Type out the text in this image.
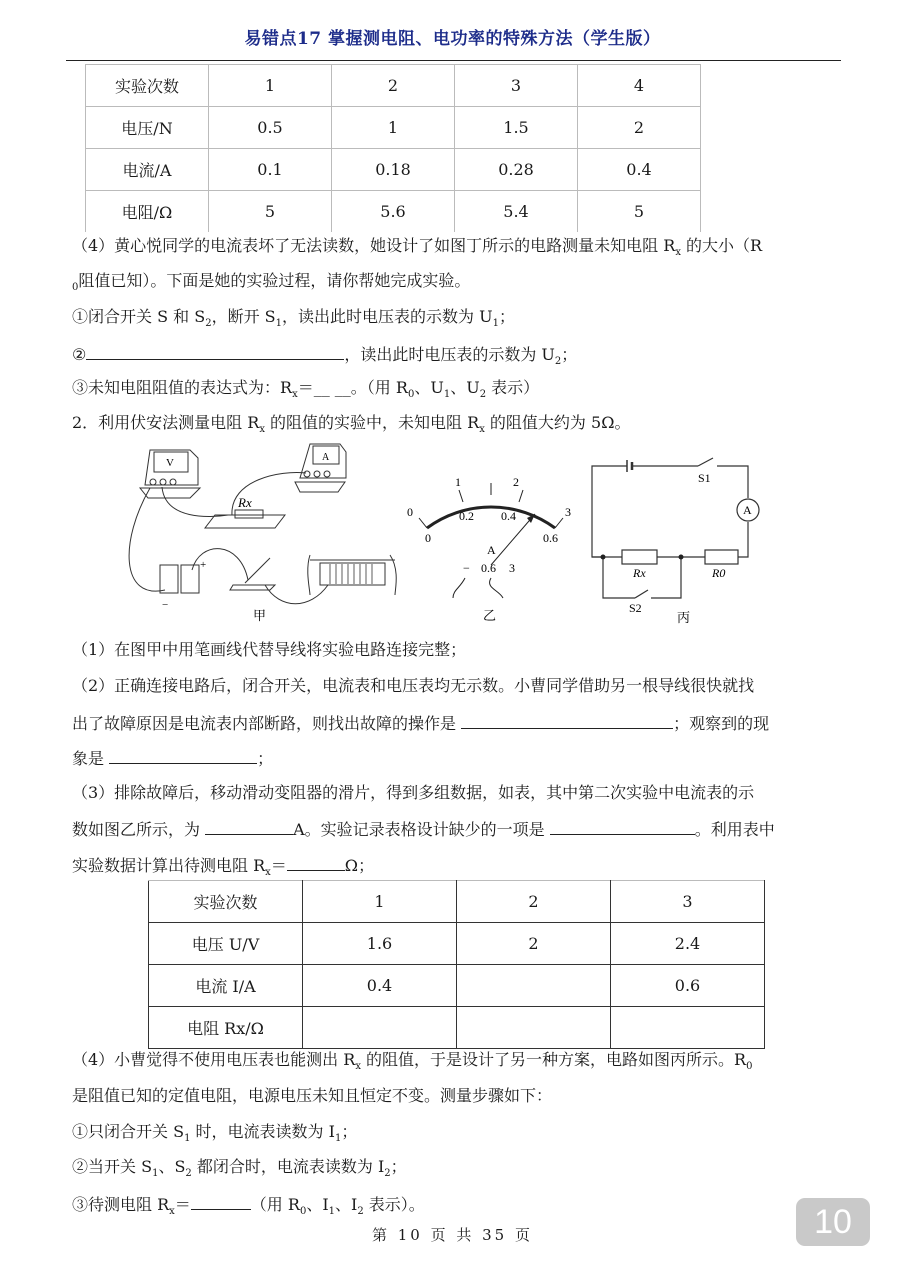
易错点17 掌握测电阻、电功率的特殊方法（学生版）
实验次数	1	2	3	4
电压/N	0.5	1	1.5	2
电流/A	0.1	0.18	0.28	0.4
电阻/Ω	5	5.6	5.4	5
（4）黄心悦同学的电流表坏了无法读数，她设计了如图丁所示的电路测量未知电阻 $R_x$ 的大小（R
$_0$阻值已知）。下面是她的实验过程，请你帮她完成实验。
①闭合开关 S 和 $S_2$，断开 $S_1$，读出此时电压表的示数为 $U_1$；
②	，读出此时电压表的示数为 $U_2$；
③未知电阻阻值的表达式为：$R_x=\_\_$ __。（用 $R_0$、$U_1$、$U_2$ 表示）
2．利用伏安法测量电阻 $R_x$ 的阻值的实验中，未知电阻 $R_x$ 的阻值大约为 5Ω。
V	A
Rx
+
−
甲
0
1	2
3
0
0.2 0.4
0.6
A
− 0.6 3
乙
S1
A
Rx	R0
S2
丙
（1）在图甲中用笔画线代替导线将实验电路连接完整；
（2）正确连接电路后，闭合开关，电流表和电压表均无示数。小曹同学借助另一根导线很快就找
出了故障原因是电流表内部断路，则找出故障的操作是	；观察到的现
象是	；
（3）排除故障后，移动滑动变阻器的滑片，得到多组数据，如表，其中第二次实验中电流表的示
数如图乙所示，为	A。实验记录表格设计缺少的一项是	。利用表中
实验数据计算出待测电阻 $R_x=$	Ω；
实验次数	1	2	3
电压 U/V	1.6	2	2.4
电流 I/A	0.4		0.6
电阻 Rx/Ω			
（4）小曹觉得不使用电压表也能测出 $R_x$ 的阻值，于是设计了另一种方案，电路如图丙所示。$R_0$
是阻值已知的定值电阻，电源电压未知且恒定不变。测量步骤如下：
①只闭合开关 $S_1$ 时，电流表读数为 $I_1$；
②当开关 $S_1$、$S_2$ 都闭合时，电流表读数为 $I_2$；
③待测电阻 $R_x=$	（用 $R_0$、$I_1$、$I_2$ 表示）。
第 10 页 共 35 页	10
